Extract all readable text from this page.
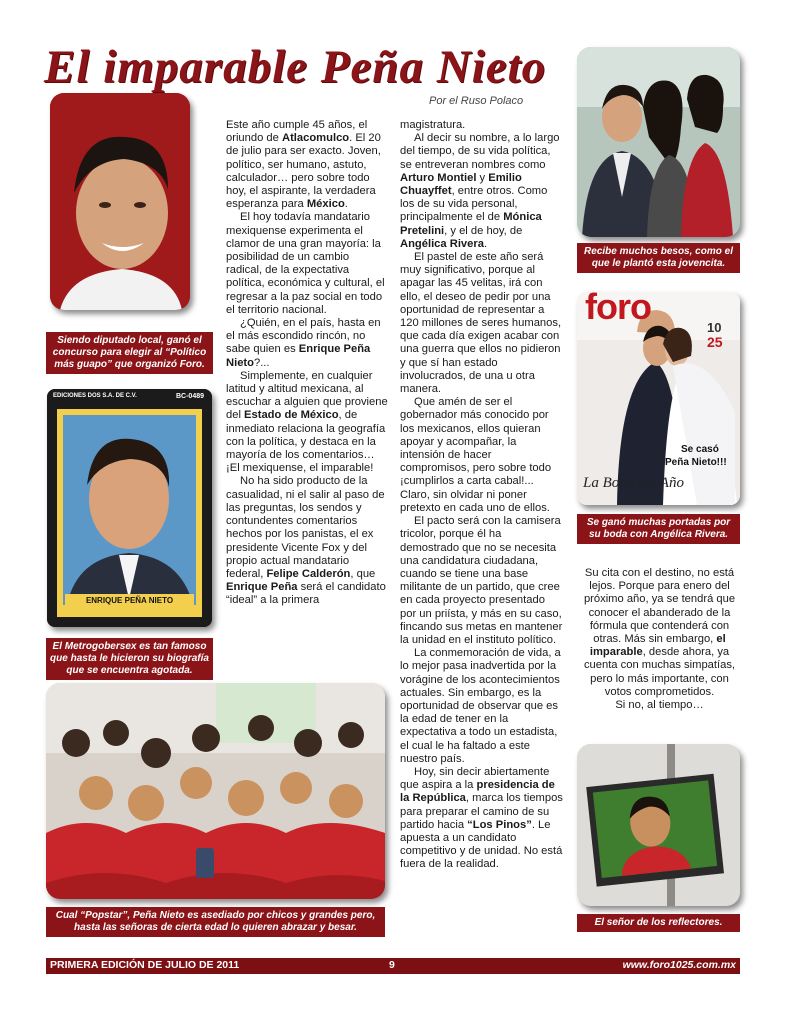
El imparable Peña Nieto
Por el Ruso Polaco
Siendo diputado local, ganó el concurso para elegir al “Político más guapo” que organizó Foro.
EDICIONES DOS S.A. DE C.V.	BC-0489
ENRIQUE PEÑA NIETO
El Metrogobersex es tan famoso que hasta le hicieron su biografía que se encuentra agotada.
Cual “Popstar”, Peña Nieto es asediado por chicos y grandes pero, hasta las señoras de cierta edad lo quieren abrazar y besar.
Recibe muchos besos, como el que le plantó esta jovencita.
foro
10
25
Se casó
Peña Nieto!!!
La Boda del Año
Se ganó muchas portadas por su boda con Angélica Rivera.
El señor de los reflectores.

Este año cumple 45 años, el oriundo de Atlacomulco. El 20 de julio para ser exacto. Joven, político, ser humano, astuto, calculador… pero sobre todo hoy, el aspirante, la verdadera esperanza para México.

El hoy todavía mandatario mexiquense experimenta el clamor de una gran mayoría: la posibilidad de un cambio radical, de la expectativa política, económica y cultural, el regresar a la paz social en todo el territorio nacional.

¿Quién, en el país, hasta en el más escondido rincón, no sabe quien es Enrique Peña Nieto?...

Simplemente, en cualquier latitud y altitud mexicana, al escuchar a alguien que proviene del Estado de México, de inmediato relaciona la geografía con la política, y destaca en la mayoría de los comentarios… ¡El mexiquense, el imparable!

No ha sido producto de la casualidad, ni el salir al paso de las preguntas, los sendos y contundentes comentarios hechos por los panistas, el ex presidente Vicente Fox y del propio actual mandatario federal, Felipe Calderón, que Enrique Peña será el candidato “ideal” a la primera

magistratura.

Al decir su nombre, a lo largo del tiempo, de su vida política, se entreveran nombres como Arturo Montiel y Emilio Chuayffet, entre otros. Como los de su vida personal, principalmente el de Mónica Pretelini, y el de hoy, de Angélica Rivera.

El pastel de este año será muy significativo, porque al apagar las 45 velitas, irá con ello, el deseo de pedir por una oportunidad de representar a 120 millones de seres humanos, que cada día exigen acabar con una guerra que ellos no pidieron y que sí han estado involucrados, de una u otra manera.

Que amén de ser el gobernador más conocido por los mexicanos, ellos quieran apoyar y acompañar, la intensión de hacer compromisos, pero sobre todo ¡cumplirlos a carta cabal!... Claro, sin olvidar ni poner pretexto en cada uno de ellos.

El pacto será con la camisera tricolor, porque él ha demostrado que no se necesita una candidatura ciudadana, cuando se tiene una base militante de un partido, que cree en cada proyecto presentado por un priísta, y más en su caso, fincando sus metas en mantener la unidad en el instituto político.

La conmemoración de vida, a lo mejor pasa inadvertida por la vorágine de los acontecimientos actuales. Sin embargo, es la oportunidad de observar que es la edad de tener en la expectativa a todo un estadista, el cual le ha faltado a este nuestro país.

Hoy, sin decir abiertamente que aspira a la presidencia de la República, marca los tiempos para preparar el camino de su partido hacia “Los Pinos”. Le apuesta a un candidato competitivo y de unidad. No está fuera de la realidad.

Su cita con el destino, no está lejos. Porque para enero del próximo año, ya se tendrá que conocer el abanderado de la fórmula que contenderá con otras. Más sin embargo, el imparable, desde ahora, ya cuenta con muchas simpatías, pero lo más importante, con votos comprometidos.

Si no, al tiempo…

PRIMERA EDICIÓN DE JULIO DE 2011	9	www.foro1025.com.mx
